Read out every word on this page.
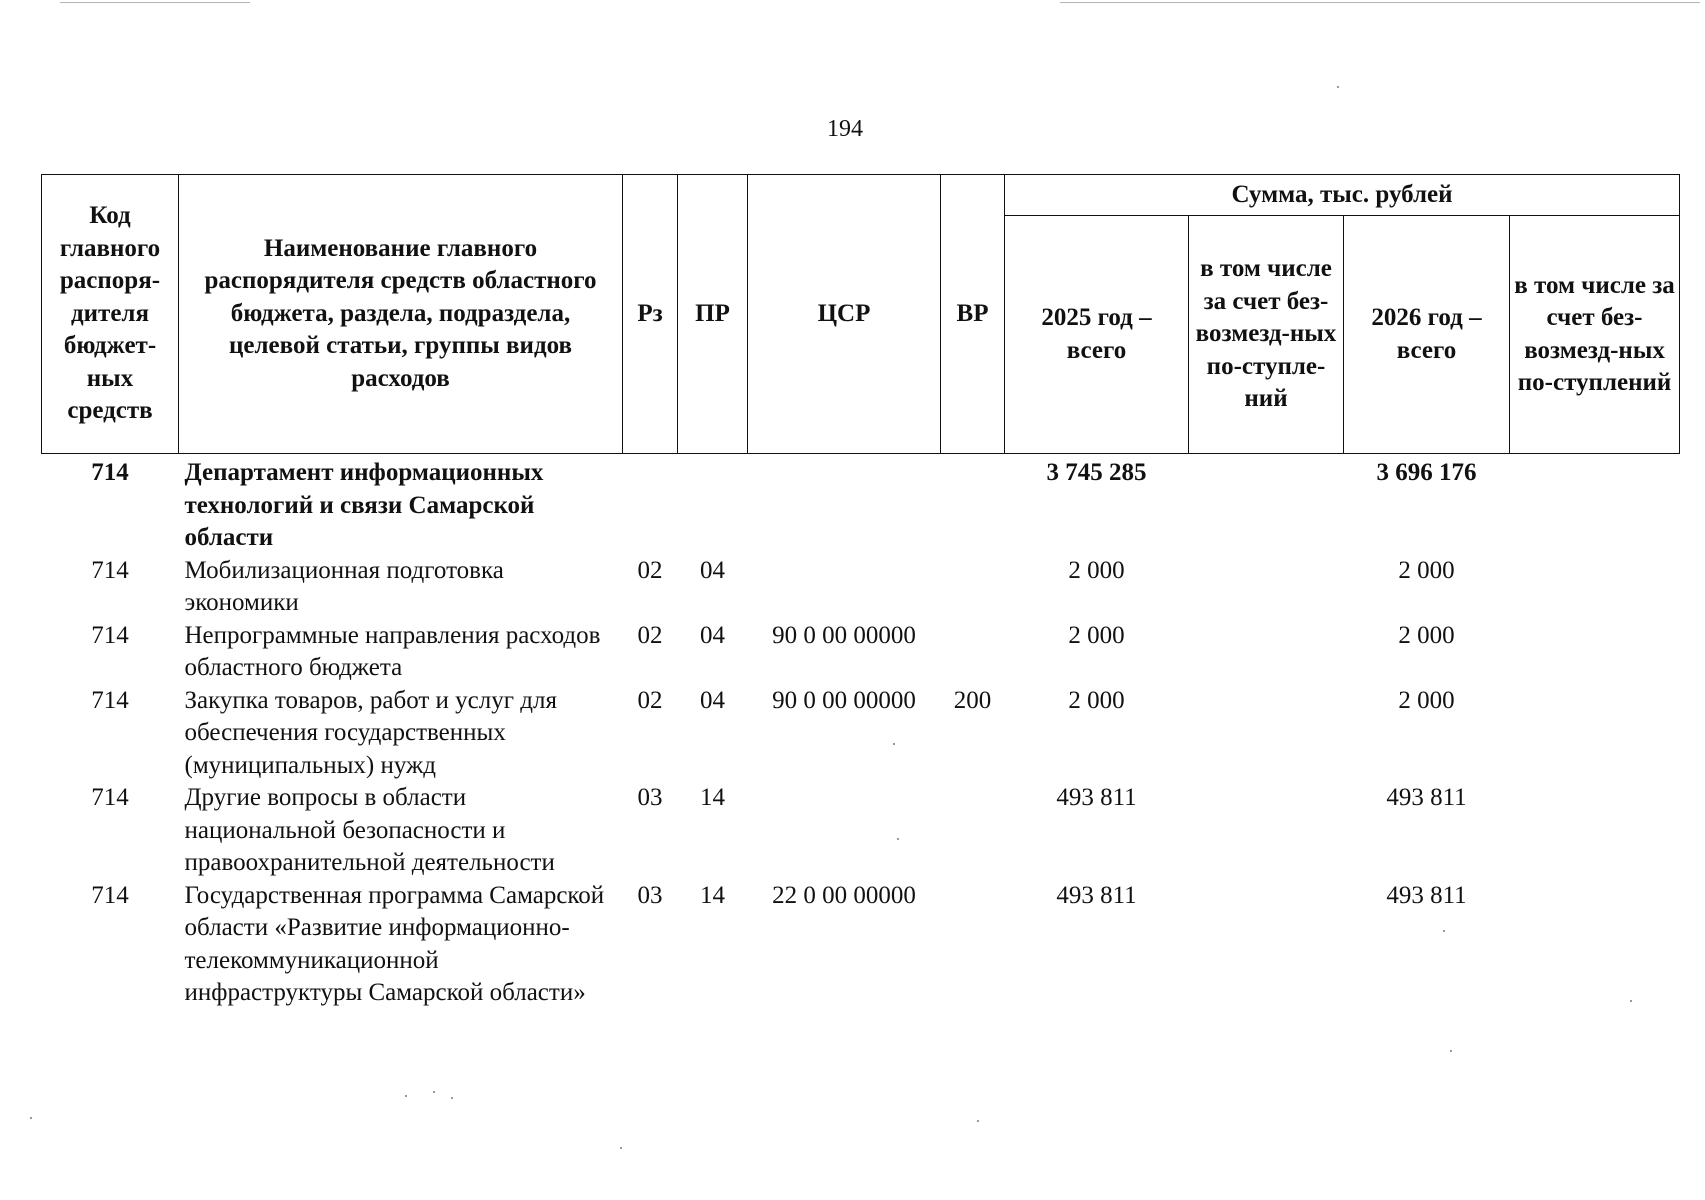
194
Код главного распоря-дителя бюджет-ных средств	Наименование главного распорядителя средств областного бюджета, раздела, подраздела, целевой статьи, группы видов расходов	Рз	ПР	ЦСР	ВР	Сумма, тыс. рублей			
						2025 год – всего	в том числе за счет без-возмезд-ных по-ступле-ний	2026 год – всего	в том числе за счет без-возмезд-ных по-ступлений
714	Департамент информационных технологий и связи Самарской области					3 745 285		3 696 176	
714	Мобилизационная подготовка экономики	02	04			2 000		2 000	
714	Непрограммные направления расходов областного бюджета	02	04	90 0 00 00000		2 000		2 000	
714	Закупка товаров, работ и услуг для обеспечения государственных (муниципальных) нужд	02	04	90 0 00 00000	200	2 000		2 000	
714	Другие вопросы в области национальной безопасности и правоохранительной деятельности	03	14			493 811		493 811	
714	Государственная программа Самарской области «Развитие информационно-телекоммуникационной инфраструктуры Самарской области»	03	14	22 0 00 00000		493 811		493 811	
